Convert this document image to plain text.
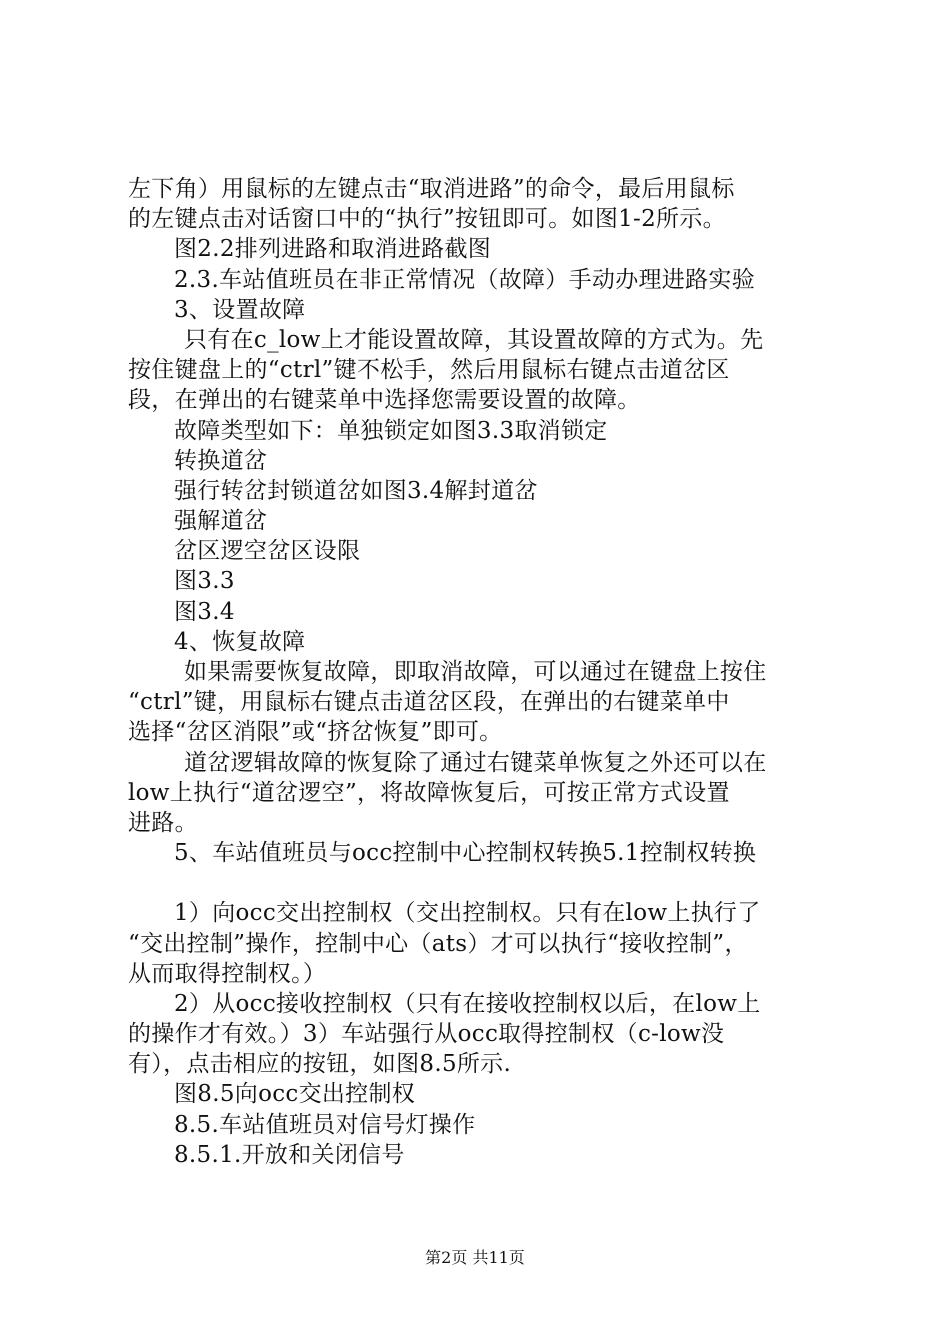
左下角）用鼠标的左键点击“取消进路”的命令，最后用鼠标
的左键点击对话窗口中的“执行”按钮即可。如图1-2所示。
图2.2排列进路和取消进路截图
2.3.车站值班员在非正常情况（故障）手动办理进路实验
3、设置故障
只有在c_low上才能设置故障，其设置故障的方式为。先
按住键盘上的“ctrl”键不松手，然后用鼠标右键点击道岔区
段，在弹出的右键菜单中选择您需要设置的故障。
故障类型如下：单独锁定如图3.3取消锁定
转换道岔
强行转岔封锁道岔如图3.4解封道岔
强解道岔
岔区逻空岔区设限
图3.3
图3.4
4、恢复故障
如果需要恢复故障，即取消故障，可以通过在键盘上按住
“ctrl”键，用鼠标右键点击道岔区段，在弹出的右键菜单中
选择“岔区消限”或“挤岔恢复”即可。
道岔逻辑故障的恢复除了通过右键菜单恢复之外还可以在
low上执行“道岔逻空”，将故障恢复后，可按正常方式设置
进路。
5、车站值班员与occ控制中心控制权转换5.1控制权转换
1）向occ交出控制权（交出控制权。只有在low上执行了
“交出控制”操作，控制中心（ats）才可以执行“接收控制”，
从而取得控制权。）
2）从occ接收控制权（只有在接收控制权以后，在low上
的操作才有效。）3）车站强行从occ取得控制权（c-low没
有），点击相应的按钮，如图8.5所示.
图8.5向occ交出控制权
8.5.车站值班员对信号灯操作
8.5.1.开放和关闭信号
第2页 共11页
